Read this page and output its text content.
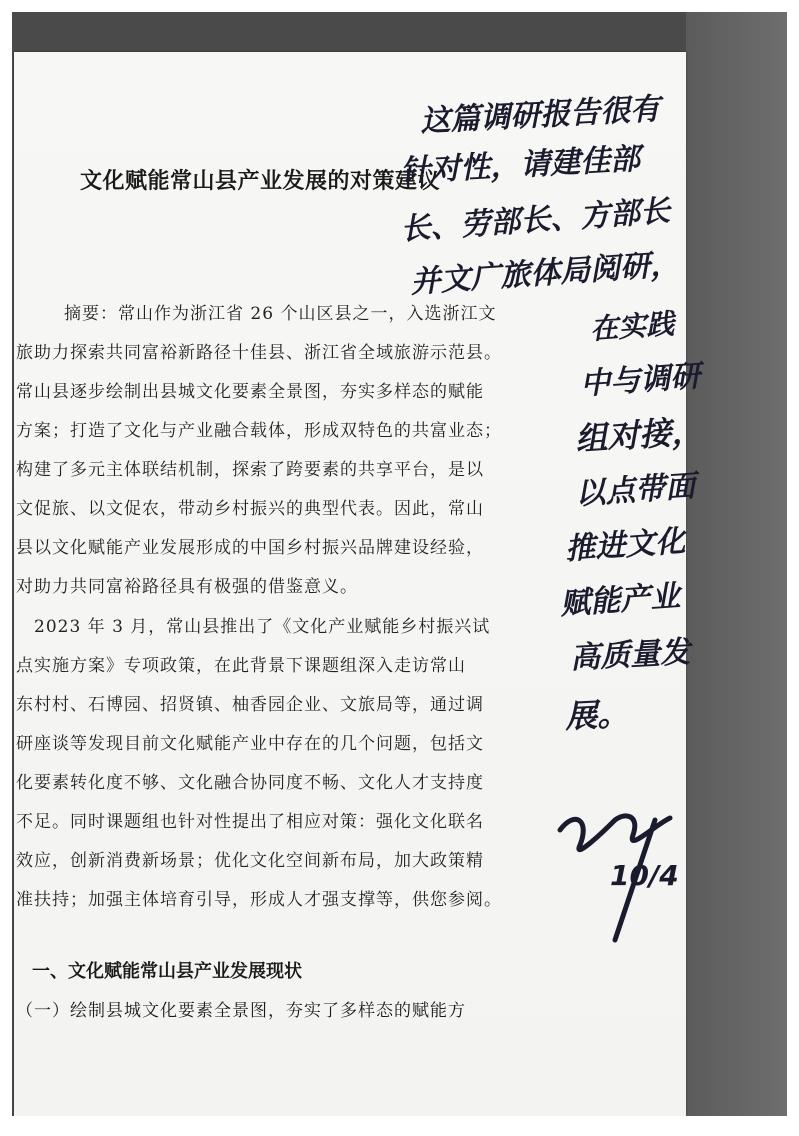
文化赋能常山县产业发展的对策建议
摘要：常山作为浙江省 26 个山区县之一，入选浙江文
旅助力探索共同富裕新路径十佳县、浙江省全域旅游示范县。
常山县逐步绘制出县城文化要素全景图，夯实多样态的赋能
方案；打造了文化与产业融合载体，形成双特色的共富业态；
构建了多元主体联结机制，探索了跨要素的共享平台，是以
文促旅、以文促农，带动乡村振兴的典型代表。因此，常山
县以文化赋能产业发展形成的中国乡村振兴品牌建设经验，
对助力共同富裕路径具有极强的借鉴意义。
2023 年 3 月，常山县推出了《文化产业赋能乡村振兴试
点实施方案》专项政策，在此背景下课题组深入走访常山
东村村、石博园、招贤镇、柚香园企业、文旅局等，通过调
研座谈等发现目前文化赋能产业中存在的几个问题，包括文
化要素转化度不够、文化融合协同度不畅、文化人才支持度
不足。同时课题组也针对性提出了相应对策：强化文化联名
效应，创新消费新场景；优化文化空间新布局，加大政策精
准扶持；加强主体培育引导，形成人才强支撑等，供您参阅。
一、文化赋能常山县产业发展现状
（一）绘制县城文化要素全景图，夯实了多样态的赋能方
这篇调研报告很有
针对性，请建佳部
长、劳部长、方部长
并文广旅体局阅研，
在实践
中与调研
组对接，
以点带面
推进文化
赋能产业
高质量发
展。
10/4
